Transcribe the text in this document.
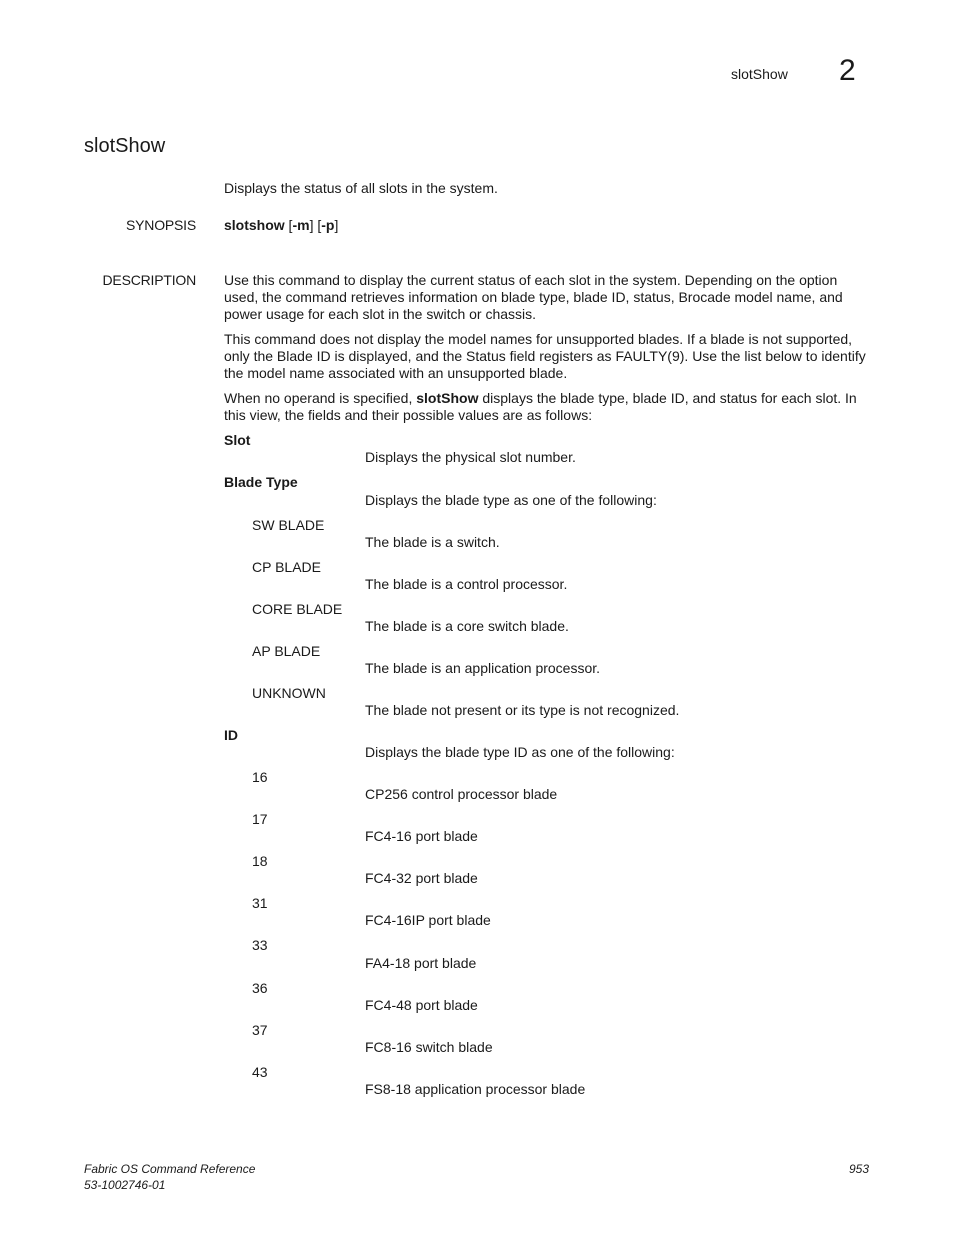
slotShow 2
slotShow

Displays the status of all slots in the system.

SYNOPSIS slotshow [-m] [-p]
DESCRIPTION Use this command to display the current status of each slot in the system. Depending on the option used, the command retrieves information on blade type, blade ID, status, Brocade model name, and power usage for each slot in the switch or chassis.

This command does not display the model names for unsupported blades. If a blade is not supported, only the Blade ID is displayed, and the Status field registers as FAULTY(9). Use the list below to identify the model name associated with an unsupported blade.

When no operand is specified, slotShow displays the blade type, blade ID, and status for each slot. In this view, the fields and their possible values are as follows:

Slot
Displays the physical slot number.
Blade Type
Displays the blade type as one of the following:
SW BLADE
The blade is a switch.
CP BLADE
The blade is a control processor.
CORE BLADE
The blade is a core switch blade.
AP BLADE
The blade is an application processor.
UNKNOWN
The blade not present or its type is not recognized.
ID
Displays the blade type ID as one of the following:
16
CP256 control processor blade
17
FC4-16 port blade
18
FC4-32 port blade
31
FC4-16IP port blade
33
FA4-18 port blade
36
FC4-48 port blade
37
FC8-16 switch blade
43
FS8-18 application processor blade
Fabric OS Command Reference
53-1002746-01
953
